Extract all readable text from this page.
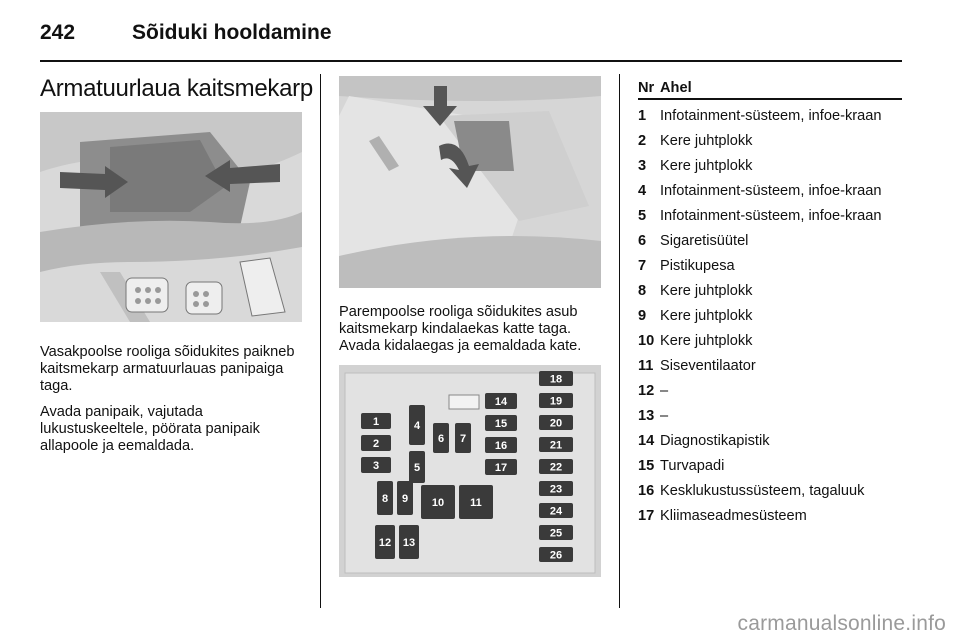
242	Sõiduki hooldamine
Armatuurlaua kaitsmekarp

Vasakpoolse rooliga sõidukites paikneb kaitsmekarp armatuurlauas panipaiga taga.

Avada panipaik, vajutada lukustuskeeltele, pöörata panipaik allapoole ja eemaldada.

Parempoolse rooliga sõidukites asub kaitsmekarp kindalaekas katte taga. Avada kidalaegas ja eemaldada kate.

1
2
3
4
5
6 7
8 9 10 11
12 13
14
15
16
17
18
19
20
21
22
23
24
25
26
Nr Ahel
1 Infotainment-süsteem, infoe-kraan
2 Kere juhtplokk
3 Kere juhtplokk
4 Infotainment-süsteem, infoe-kraan
5 Infotainment-süsteem, infoe-kraan
6 Sigaretisüütel
7 Pistikupesa
8 Kere juhtplokk
9 Kere juhtplokk
10 Kere juhtplokk
11 Siseventilaator
12 –
13 –
14 Diagnostikapistik
15 Turvapadi
16 Kesklukustussüsteem, tagaluuk
17 Kliimaseadmesüsteem
carmanualsonline.info
